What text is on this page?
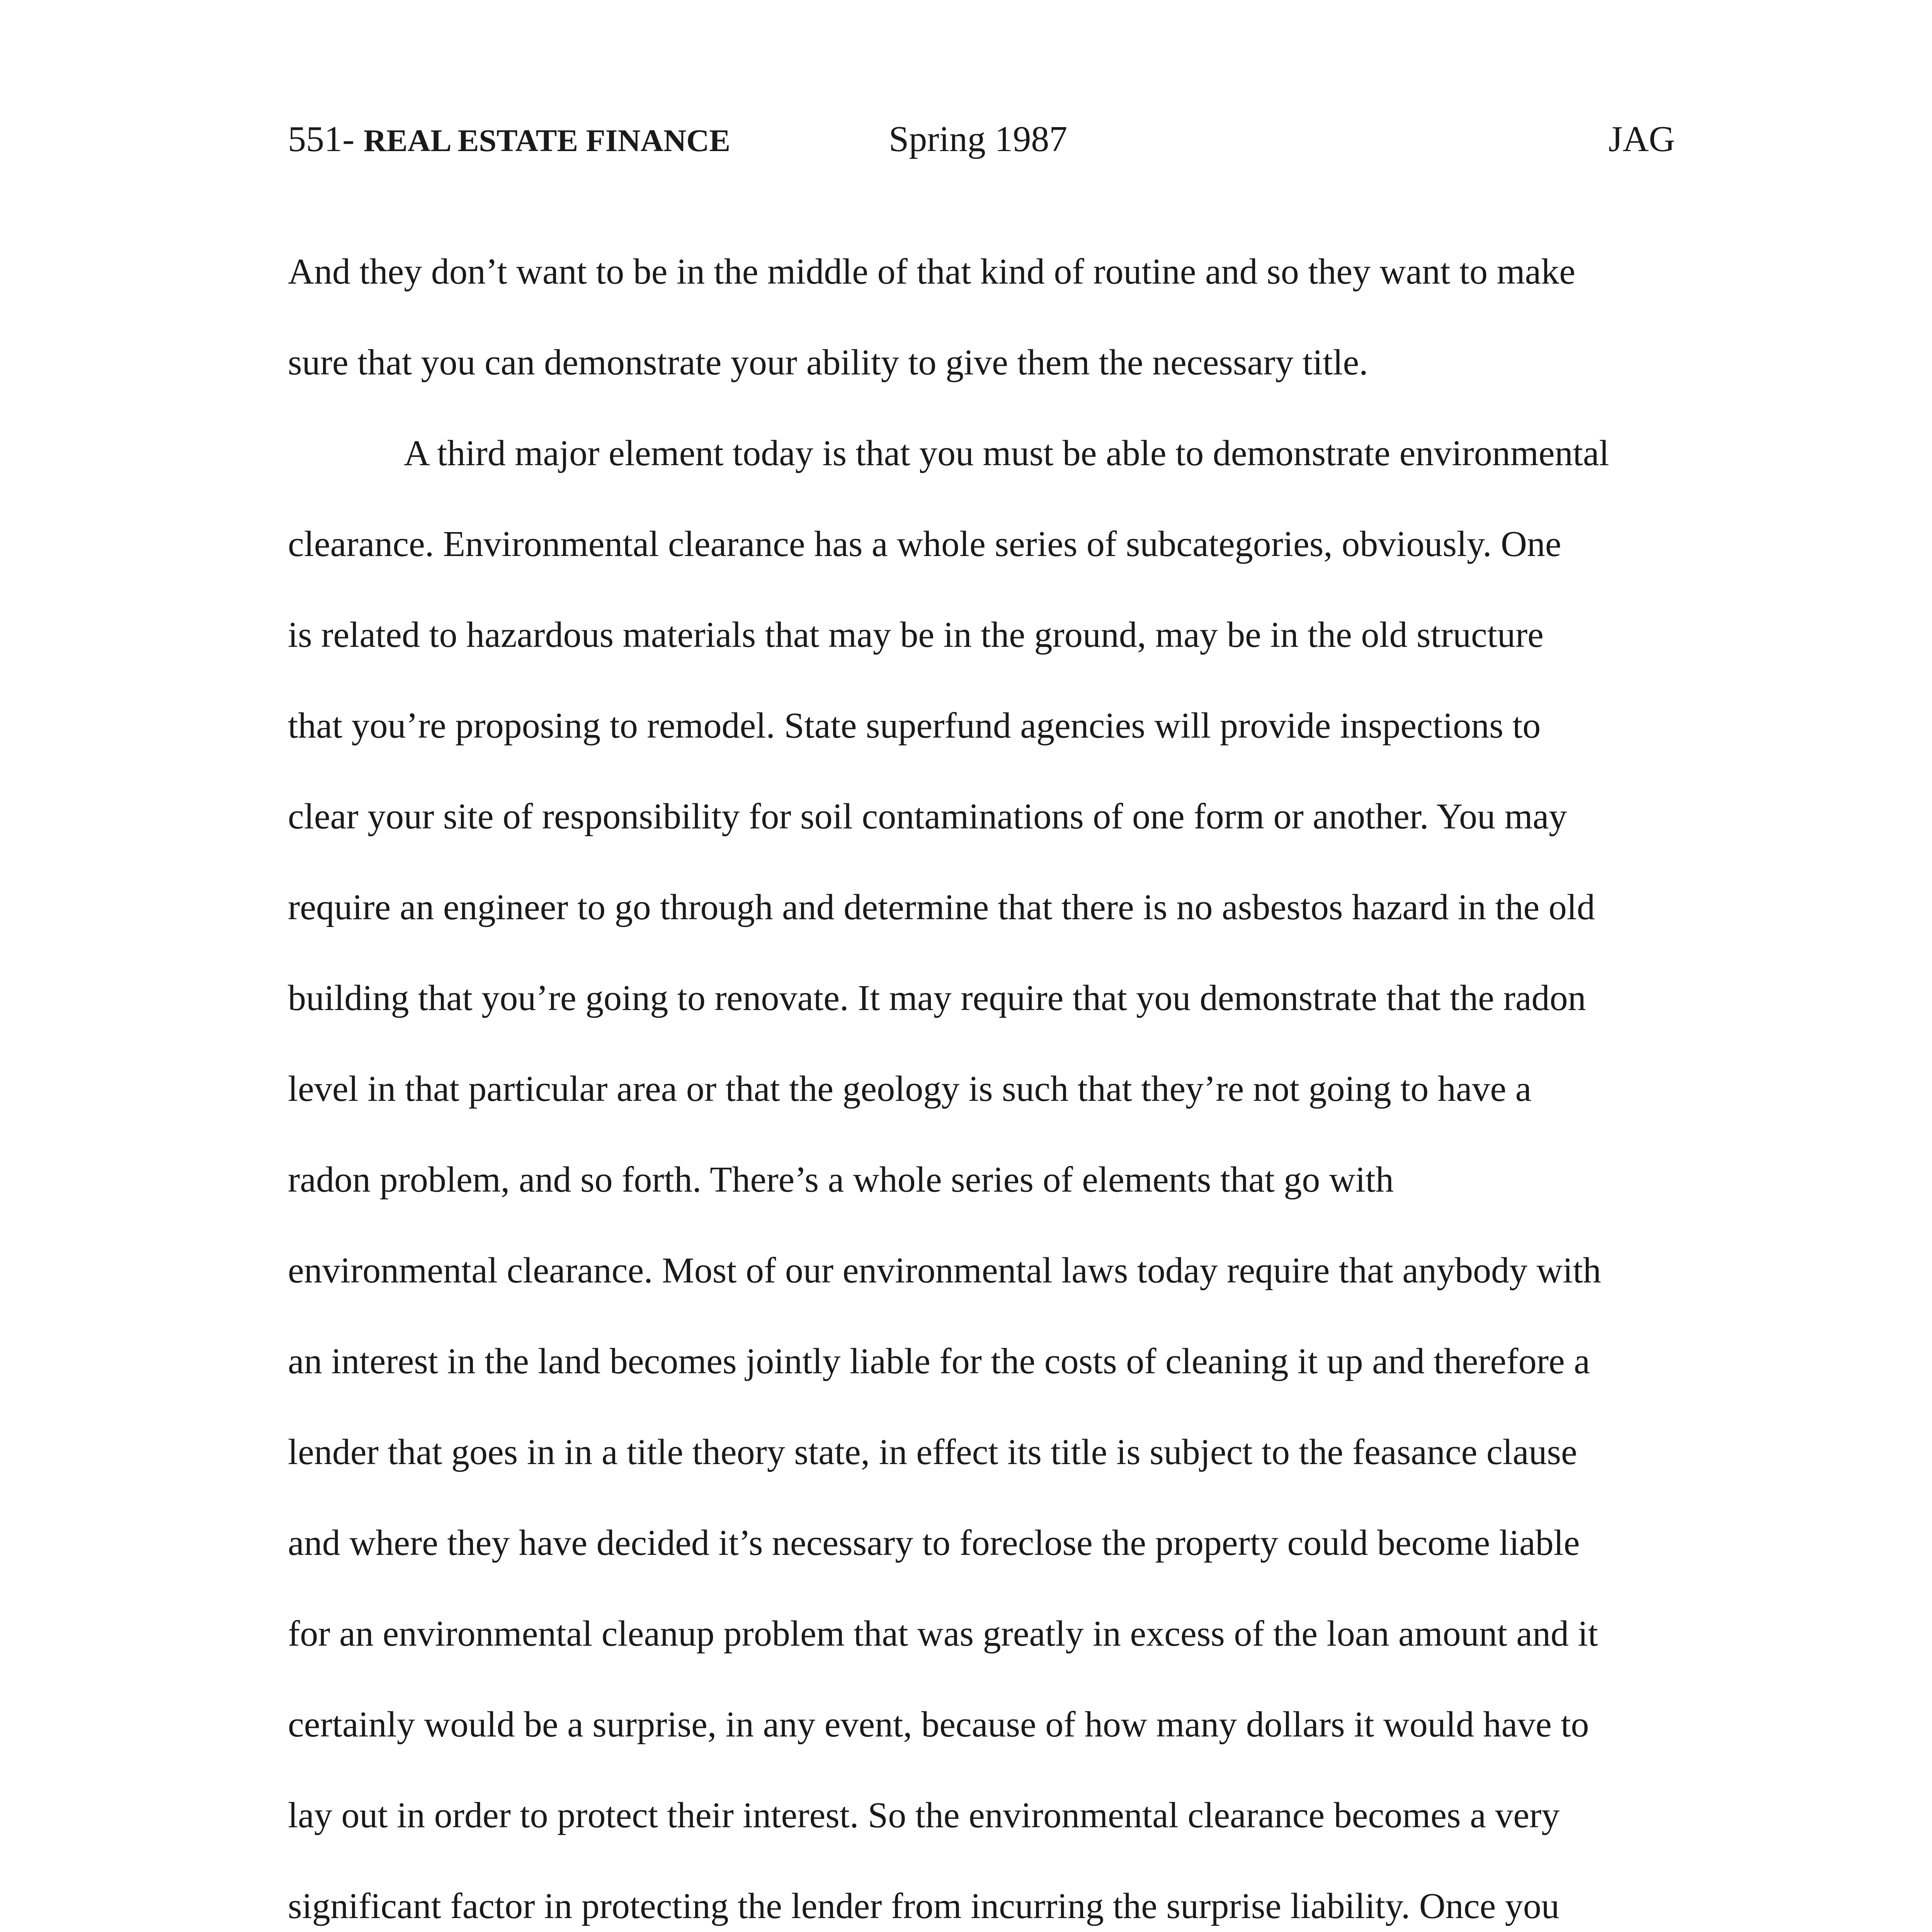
551- REAL ESTATE FINANCE	Spring 1987	JAG

And they don’t want to be in the middle of that kind of routine and so they want to make

sure that you can demonstrate your ability to give them the necessary title.

A third major element today is that you must be able to demonstrate environmental

clearance. Environmental clearance has a whole series of subcategories, obviously. One

is related to hazardous materials that may be in the ground, may be in the old structure

that you’re proposing to remodel. State superfund agencies will provide inspections to

clear your site of responsibility for soil contaminations of one form or another. You may

require an engineer to go through and determine that there is no asbestos hazard in the old

building that you’re going to renovate. It may require that you demonstrate that the radon

level in that particular area or that the geology is such that they’re not going to have a

radon problem, and so forth. There’s a whole series of elements that go with

environmental clearance. Most of our environmental laws today require that anybody with

an interest in the land becomes jointly liable for the costs of cleaning it up and therefore a

lender that goes in in a title theory state, in effect its title is subject to the feasance clause

and where they have decided it’s necessary to foreclose the property could become liable

for an environmental cleanup problem that was greatly in excess of the loan amount and it

certainly would be a surprise, in any event, because of how many dollars it would have to

lay out in order to protect their interest. So the environmental clearance becomes a very

significant factor in protecting the lender from incurring the surprise liability. Once you
